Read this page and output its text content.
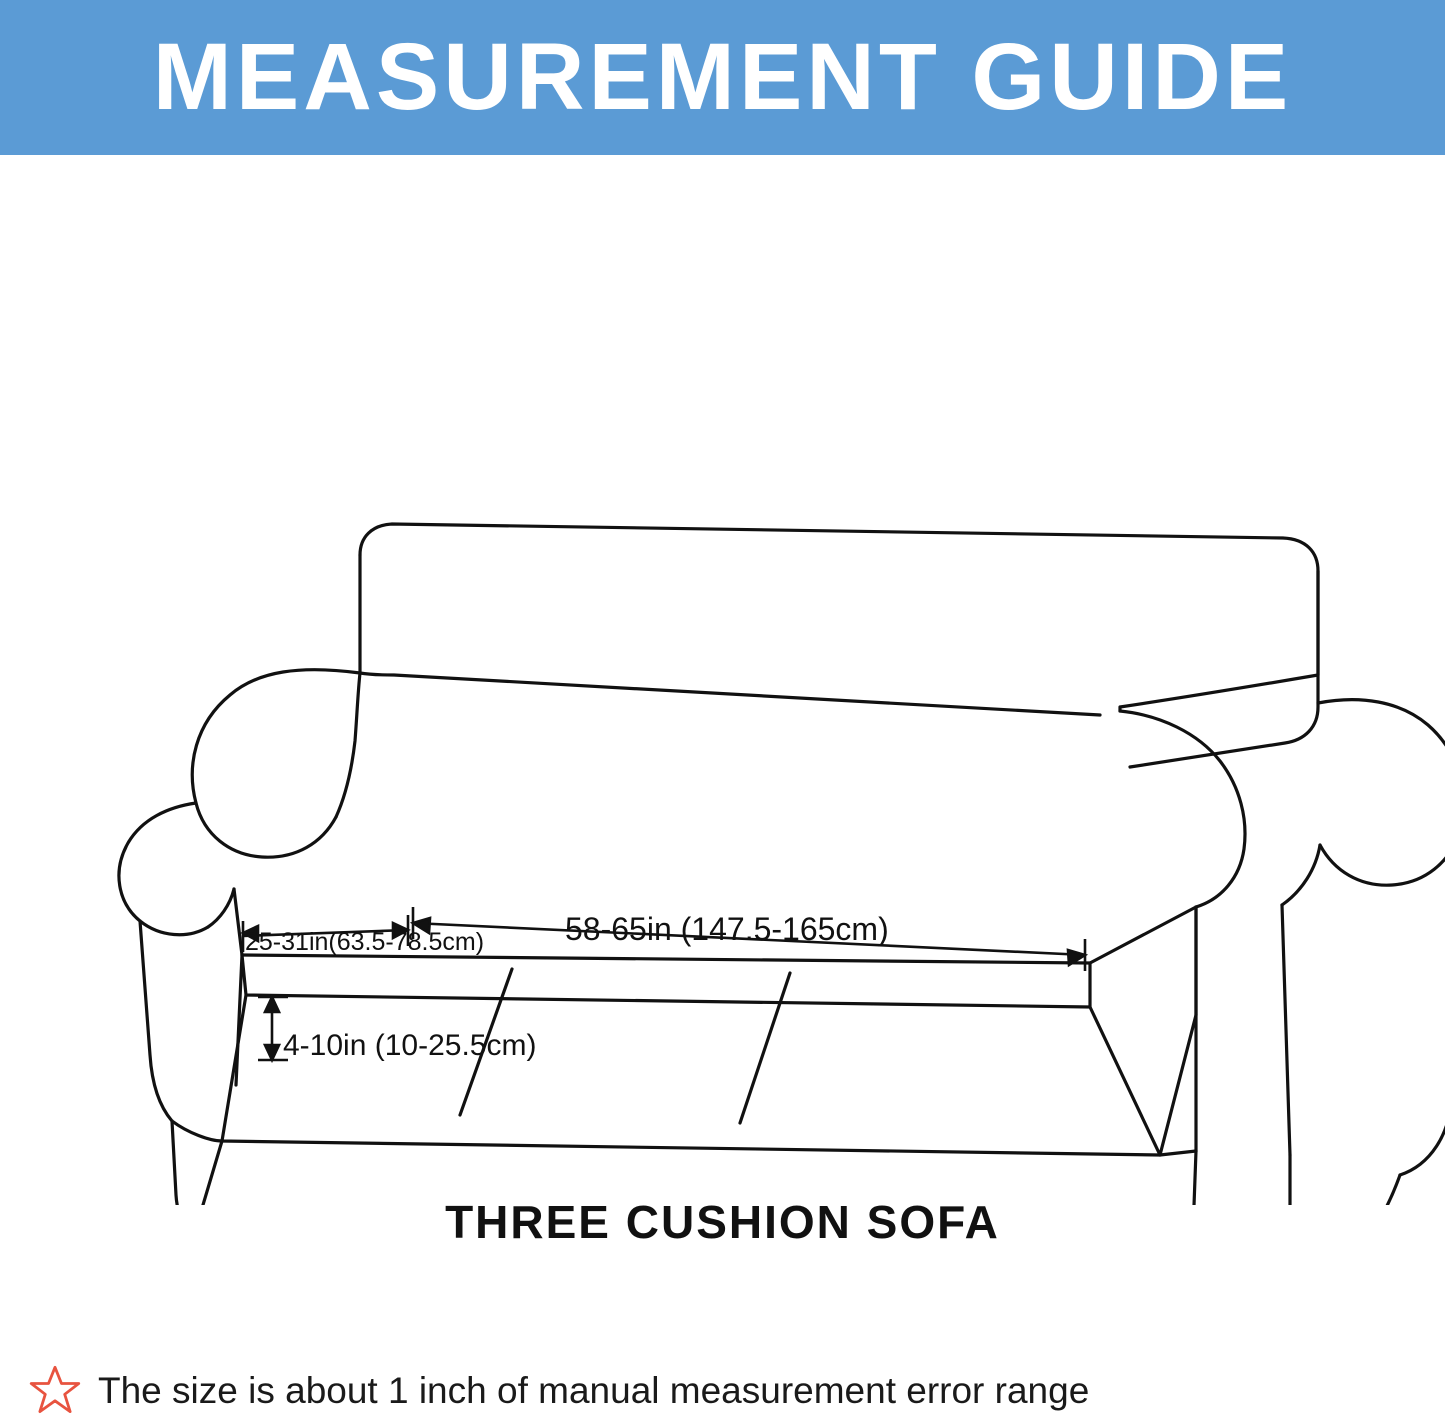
MEASUREMENT GUIDE
25-31in(63.5-78.5cm)	58-65in (147.5-165cm)
4-10in (10-25.5cm)
THREE CUSHION SOFA
The size is about 1 inch of manual measurement error range
